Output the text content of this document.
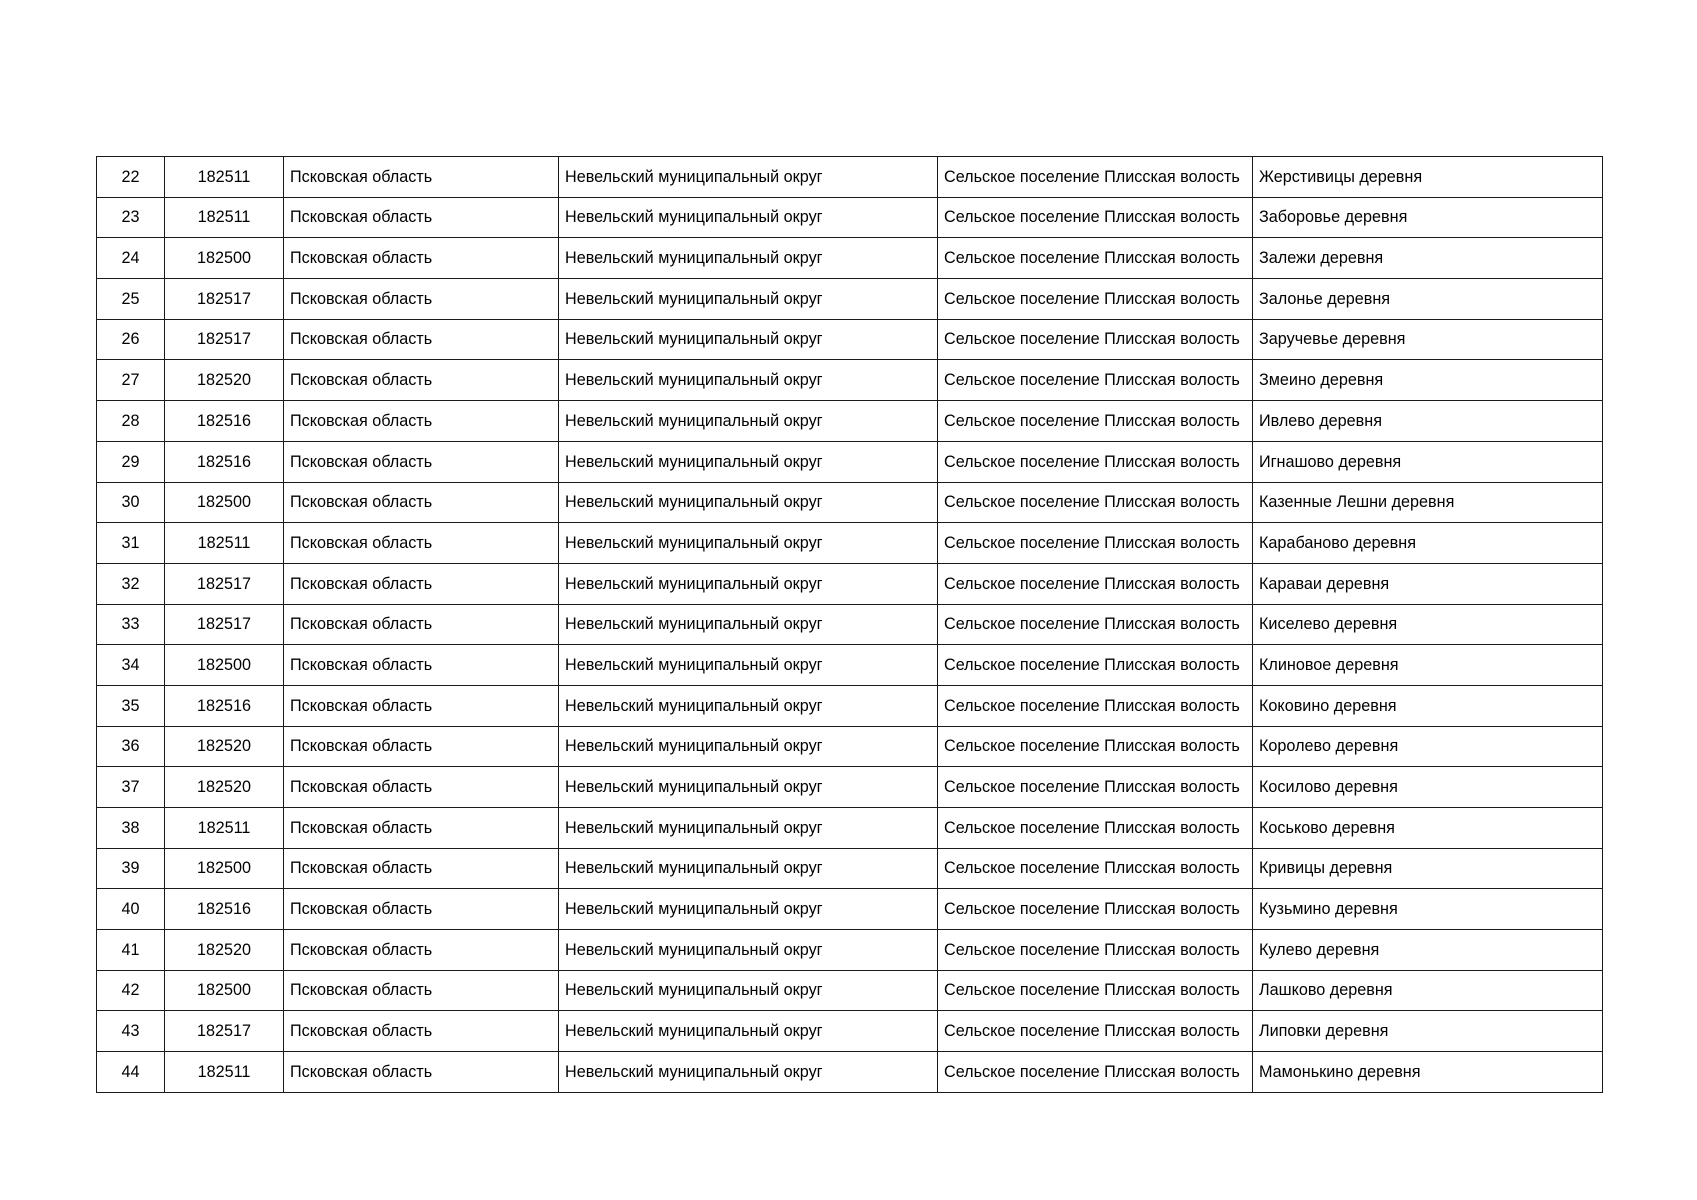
22	182511	Псковская область	Невельский муниципальный округ	Сельское поселение Плисская волость	Жерстивицы деревня
23	182511	Псковская область	Невельский муниципальный округ	Сельское поселение Плисская волость	Заборовье деревня
24	182500	Псковская область	Невельский муниципальный округ	Сельское поселение Плисская волость	Залежи деревня
25	182517	Псковская область	Невельский муниципальный округ	Сельское поселение Плисская волость	Залонье деревня
26	182517	Псковская область	Невельский муниципальный округ	Сельское поселение Плисская волость	Заручевье деревня
27	182520	Псковская область	Невельский муниципальный округ	Сельское поселение Плисская волость	Змеино деревня
28	182516	Псковская область	Невельский муниципальный округ	Сельское поселение Плисская волость	Ивлево деревня
29	182516	Псковская область	Невельский муниципальный округ	Сельское поселение Плисская волость	Игнашово деревня
30	182500	Псковская область	Невельский муниципальный округ	Сельское поселение Плисская волость	Казенные Лешни деревня
31	182511	Псковская область	Невельский муниципальный округ	Сельское поселение Плисская волость	Карабаново деревня
32	182517	Псковская область	Невельский муниципальный округ	Сельское поселение Плисская волость	Караваи деревня
33	182517	Псковская область	Невельский муниципальный округ	Сельское поселение Плисская волость	Киселево деревня
34	182500	Псковская область	Невельский муниципальный округ	Сельское поселение Плисская волость	Клиновое деревня
35	182516	Псковская область	Невельский муниципальный округ	Сельское поселение Плисская волость	Коковино деревня
36	182520	Псковская область	Невельский муниципальный округ	Сельское поселение Плисская волость	Королево деревня
37	182520	Псковская область	Невельский муниципальный округ	Сельское поселение Плисская волость	Косилово деревня
38	182511	Псковская область	Невельский муниципальный округ	Сельское поселение Плисская волость	Коськово деревня
39	182500	Псковская область	Невельский муниципальный округ	Сельское поселение Плисская волость	Кривицы деревня
40	182516	Псковская область	Невельский муниципальный округ	Сельское поселение Плисская волость	Кузьмино деревня
41	182520	Псковская область	Невельский муниципальный округ	Сельское поселение Плисская волость	Кулево деревня
42	182500	Псковская область	Невельский муниципальный округ	Сельское поселение Плисская волость	Лашково деревня
43	182517	Псковская область	Невельский муниципальный округ	Сельское поселение Плисская волость	Липовки деревня
44	182511	Псковская область	Невельский муниципальный округ	Сельское поселение Плисская волость	Мамонькино деревня
